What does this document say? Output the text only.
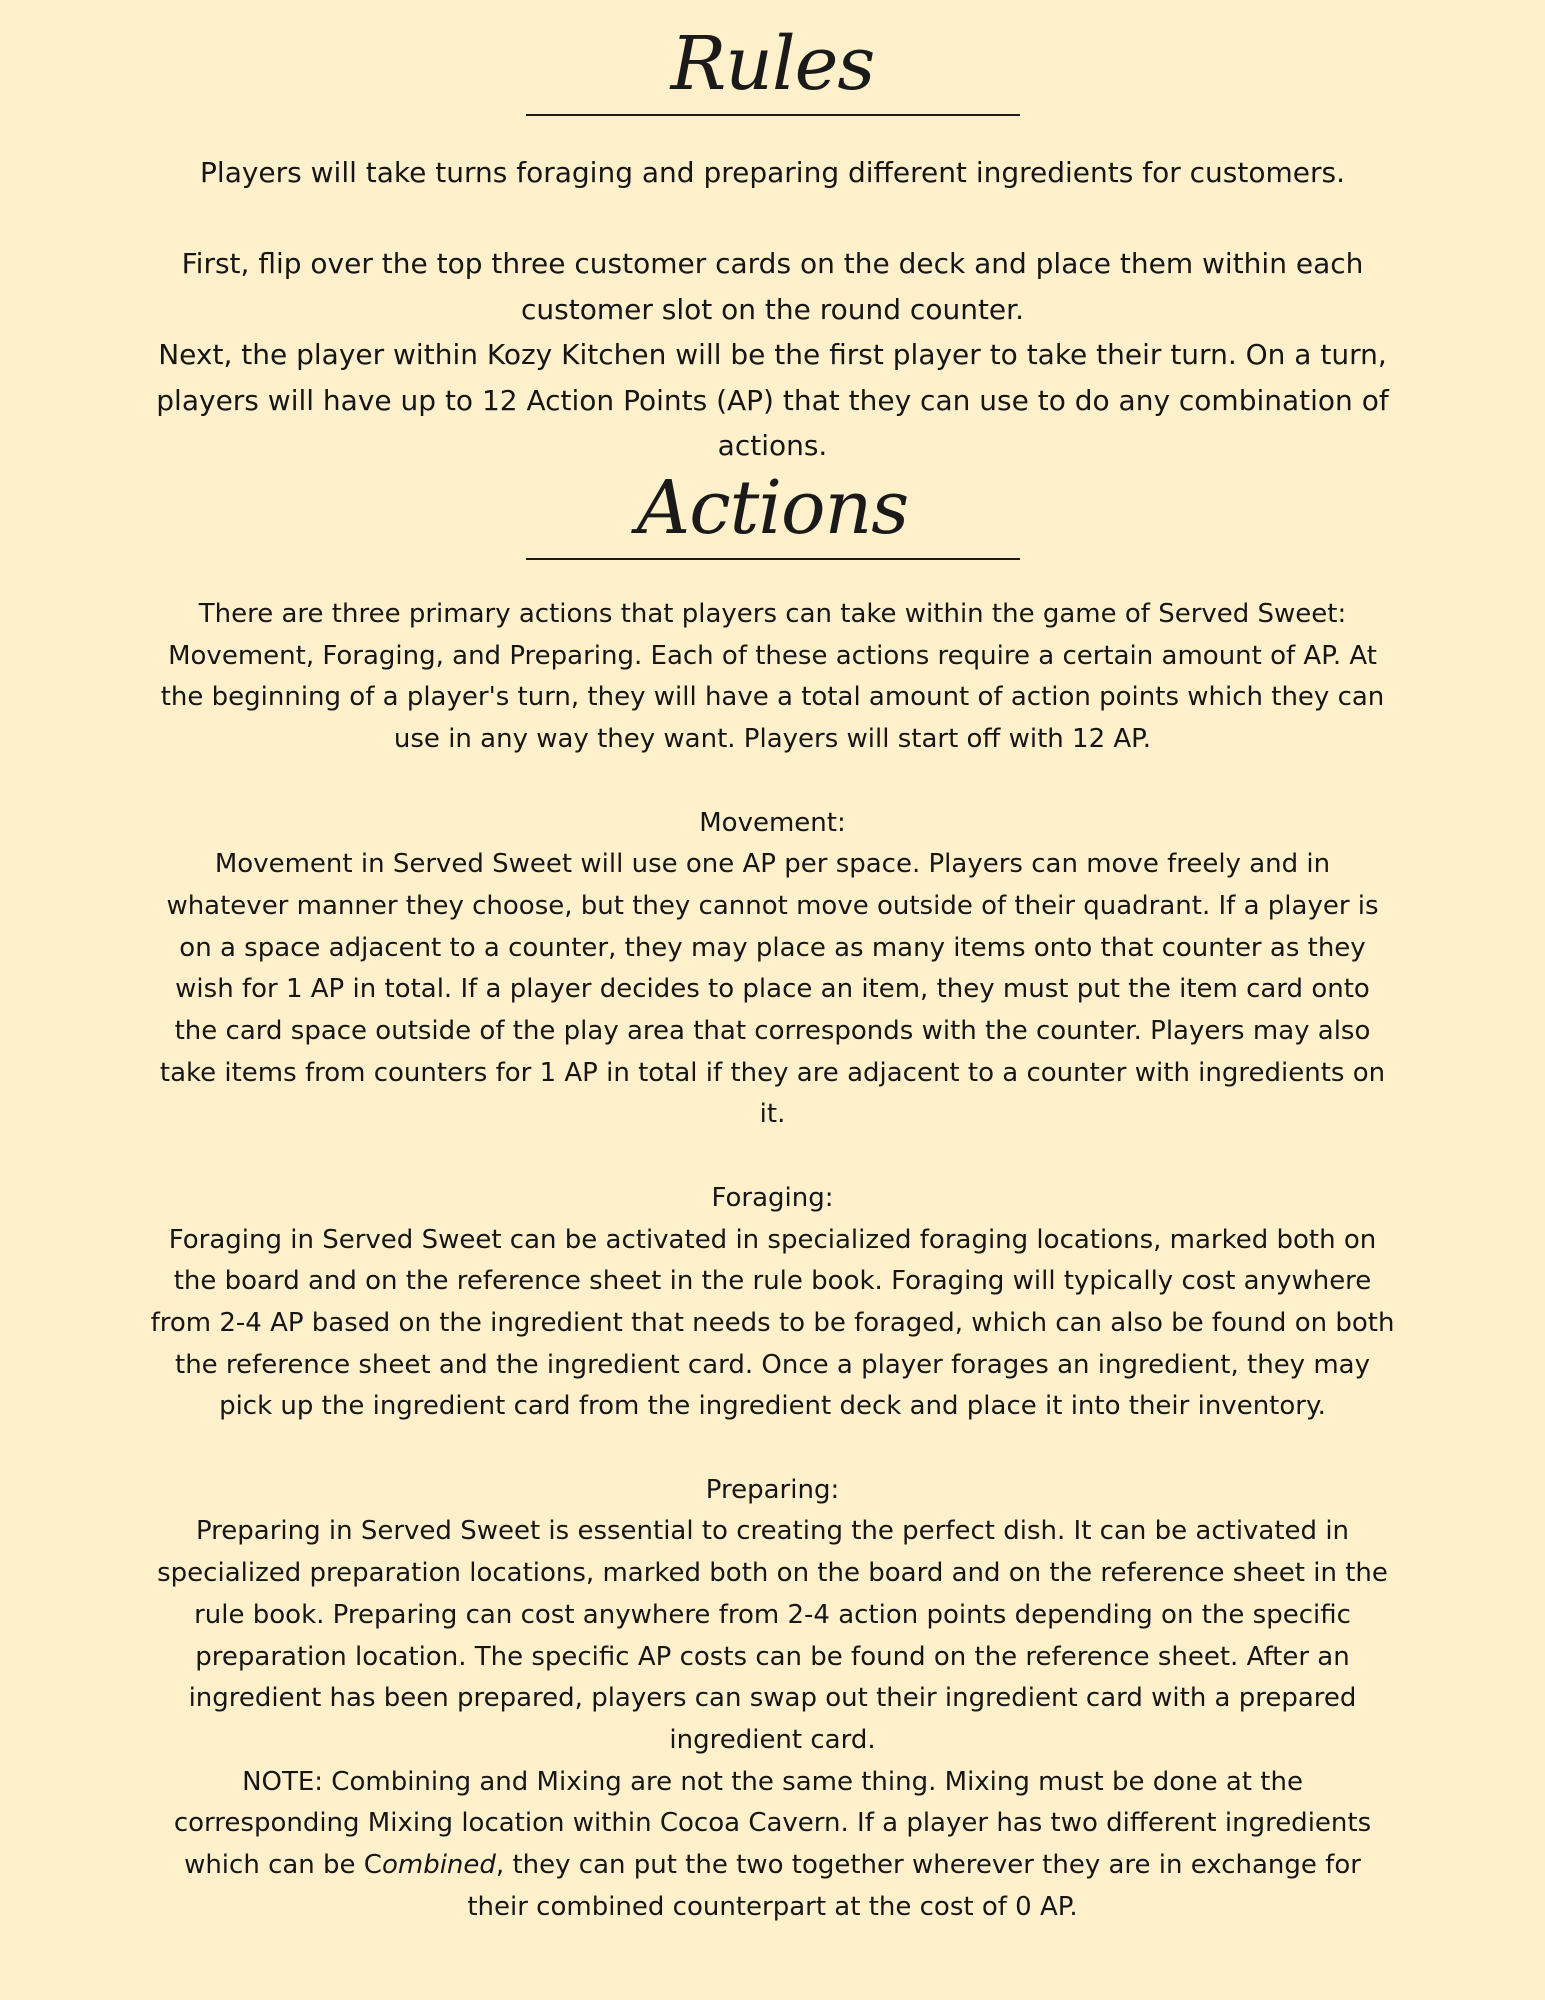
Rules

Players will take turns foraging and preparing different ingredients for customers.

First, flip over the top three customer cards on the deck and place them within each customer slot on the round counter.

Next, the player within Kozy Kitchen will be the first player to take their turn. On a turn, players will have up to 12 Action Points (AP) that they can use to do any combination of actions.

Actions

There are three primary actions that players can take within the game of Served Sweet: Movement, Foraging, and Preparing. Each of these actions require a certain amount of AP. At the beginning of a player's turn, they will have a total amount of action points which they can use in any way they want. Players will start off with 12 AP.

Movement:

Movement in Served Sweet will use one AP per space. Players can move freely and in whatever manner they choose, but they cannot move outside of their quadrant. If a player is on a space adjacent to a counter, they may place as many items onto that counter as they wish for 1 AP in total. If a player decides to place an item, they must put the item card onto the card space outside of the play area that corresponds with the counter. Players may also take items from counters for 1 AP in total if they are adjacent to a counter with ingredients on it.

Foraging:

Foraging in Served Sweet can be activated in specialized foraging locations, marked both on the board and on the reference sheet in the rule book. Foraging will typically cost anywhere from 2-4 AP based on the ingredient that needs to be foraged, which can also be found on both the reference sheet and the ingredient card. Once a player forages an ingredient, they may pick up the ingredient card from the ingredient deck and place it into their inventory.

Preparing:

Preparing in Served Sweet is essential to creating the perfect dish. It can be activated in specialized preparation locations, marked both on the board and on the reference sheet in the rule book. Preparing can cost anywhere from 2-4 action points depending on the specific preparation location. The specific AP costs can be found on the reference sheet. After an ingredient has been prepared, players can swap out their ingredient card with a prepared ingredient card.

NOTE: Combining and Mixing are not the same thing. Mixing must be done at the corresponding Mixing location within Cocoa Cavern. If a player has two different ingredients which can be Combined, they can put the two together wherever they are in exchange for their combined counterpart at the cost of 0 AP.
